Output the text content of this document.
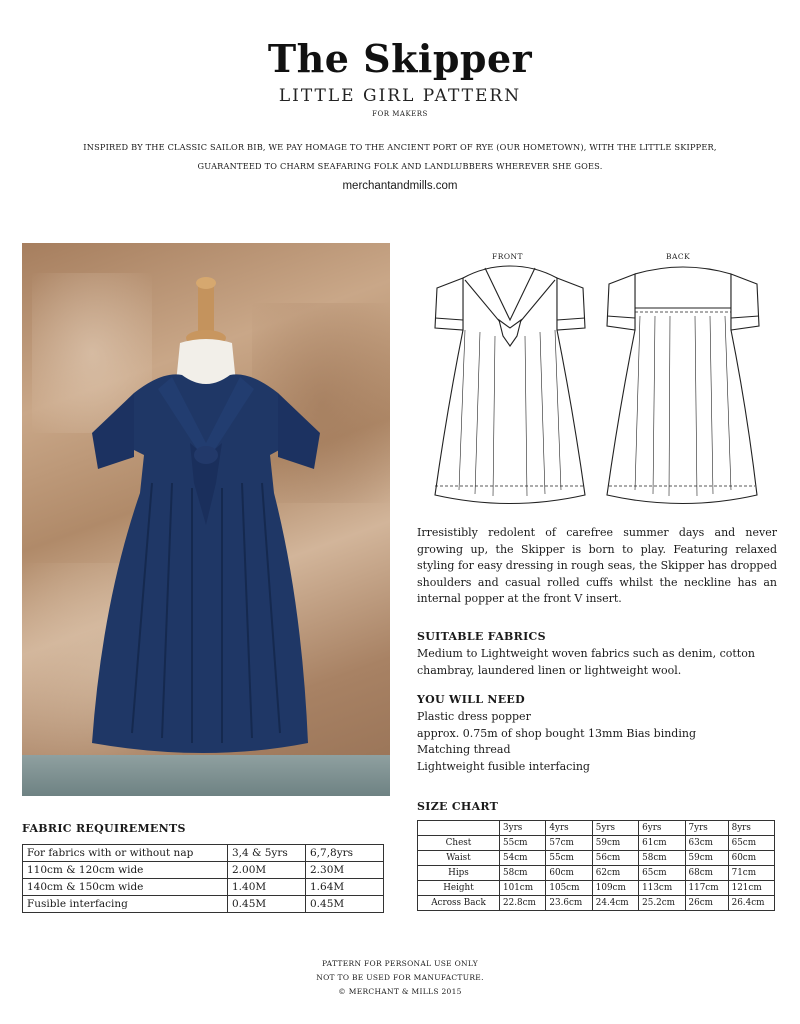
The Skipper
LITTLE GIRL PATTERN
FOR MAKERS
INSPIRED BY THE CLASSIC SAILOR BIB, WE PAY HOMAGE TO THE ANCIENT PORT OF RYE (OUR HOMETOWN), WITH THE LITTLE SKIPPER,
GUARANTEED TO CHARM SEAFARING FOLK AND LANDLUBBERS WHEREVER SHE GOES.
merchantandmills.com
FRONT	BACK
Irresistibly redolent of carefree summer days and never growing up, the Skipper is born to play. Featuring relaxed styling for easy dressing in rough seas, the Skipper has dropped shoulders and casual rolled cuffs whilst the neckline has an internal popper at the front V insert.
SUITABLE FABRICS
Medium to Lightweight woven fabrics such as denim, cotton chambray, laundered linen or lightweight wool.
YOU WILL NEED
Plastic dress popper
approx. 0.75m of shop bought 13mm Bias binding
Matching thread
Lightweight fusible interfacing
SIZE CHART
	3yrs	4yrs	5yrs	6yrs	7yrs	8yrs
Chest	55cm	57cm	59cm	61cm	63cm	65cm
Waist	54cm	55cm	56cm	58cm	59cm	60cm
Hips	58cm	60cm	62cm	65cm	68cm	71cm
Height	101cm	105cm	109cm	113cm	117cm	121cm
Across Back	22.8cm	23.6cm	24.4cm	25.2cm	26cm	26.4cm
FABRIC REQUIREMENTS
For fabrics with or without nap	3,4 & 5yrs	6,7,8yrs
110cm & 120cm wide	2.00M	2.30M
140cm & 150cm wide	1.40M	1.64M
Fusible interfacing	0.45M	0.45M
PATTERN FOR PERSONAL USE ONLY
NOT TO BE USED FOR MANUFACTURE.
© MERCHANT & MILLS 2015
